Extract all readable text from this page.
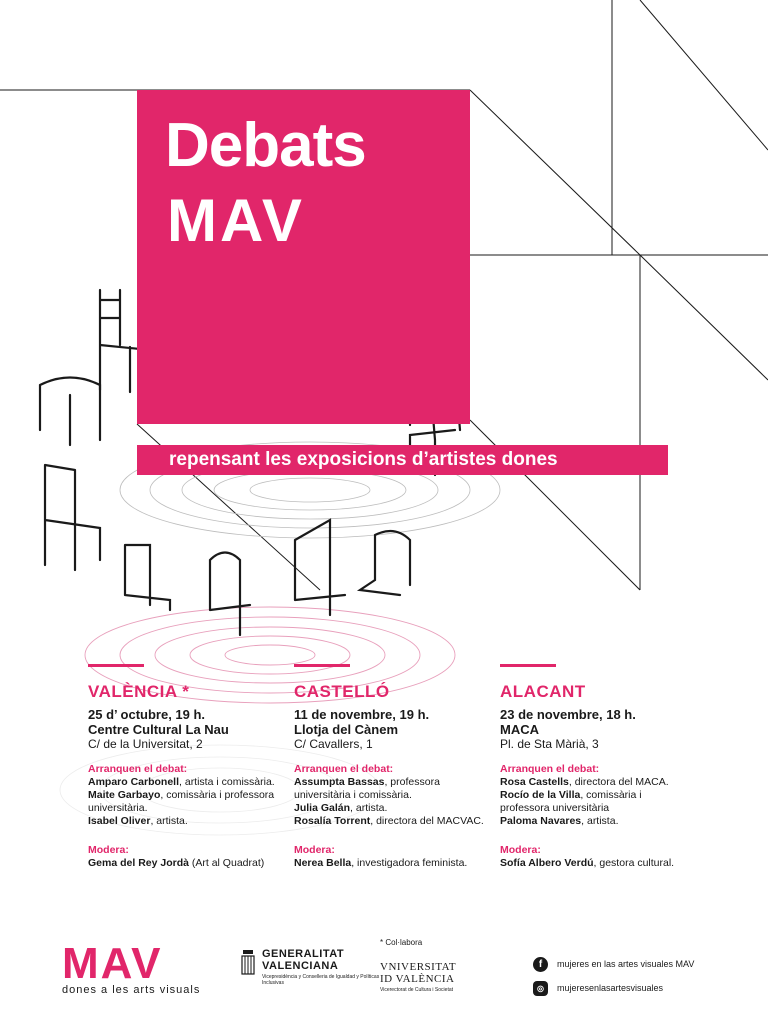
Debats
MAV
repensant les exposicions d’artistes dones
VALÈNCIA *
25 d’ octubre, 19 h.
Centre Cultural La Nau
C/ de la Universitat, 2
Arranquen el debat:

Amparo Carbonell, artista i comissària.

Maite Garbayo, comissària i professora universitària.

Isabel Oliver, artista.

Modera:

Gema del Rey Jordà (Art al Quadrat)

CASTELLÓ
11 de novembre, 19 h.
Llotja del Cànem
C/ Cavallers, 1
Arranquen el debat:

Assumpta Bassas, professora universitària i comissària.

Julia Galán, artista.

Rosalía Torrent, directora del MACVAC.

Modera:

Nerea Bella, investigadora feminista.

ALACANT
23 de novembre, 18 h.
MACA
Pl. de Sta Màrià, 3
Arranquen el debat:

Rosa Castells, directora del MACA.

Rocío de la Villa, comissària i professora universitària

Paloma Navares, artista.

Modera:

Sofía Albero Verdú, gestora cultural.

MAV
dones a les arts visuals
GENERALITAT
VALENCIANA
Vicepresidència y Conselleria de Igualdad y Políticas Inclusivas
* Col·labora
VNIVERSITAT
ID VALÈNCIA
Vicerectorat de Cultura i Societat
f	mujeres en las artes visuales MAV
◎	mujeresenlasartesvisuales
